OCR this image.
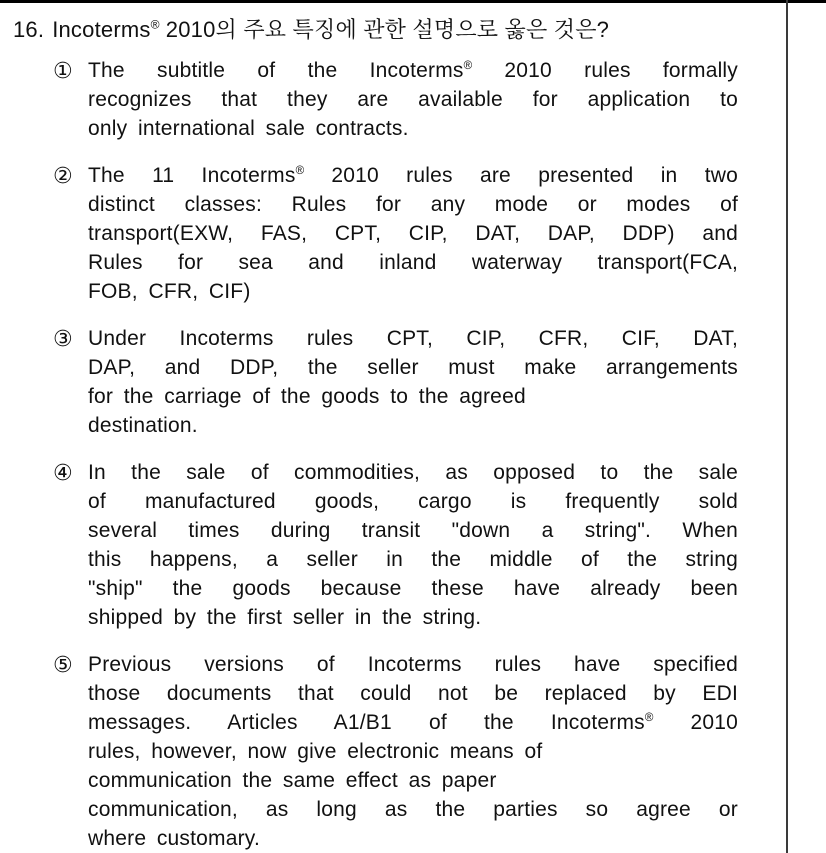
16. Incoterms® 2010의 주요 특징에 관한 설명으로 옳은 것은?
① The subtitle of the Incoterms® 2010 rules formally
recognizes that they are available for application to
only international sale contracts.
② The 11 Incoterms® 2010 rules are presented in two
distinct classes: Rules for any mode or modes of
transport(EXW, FAS, CPT, CIP, DAT, DAP, DDP) and
Rules for sea and inland waterway transport(FCA,
FOB, CFR, CIF)
③ Under Incoterms rules CPT, CIP, CFR, CIF, DAT,
DAP, and DDP, the seller must make arrangements
for the carriage of the goods to the agreed
destination.
④ In the sale of commodities, as opposed to the sale
of manufactured goods, cargo is frequently sold
several times during transit "down a string". When
this happens, a seller in the middle of the string
"ship" the goods because these have already been
shipped by the first seller in the string.
⑤ Previous versions of Incoterms rules have specified
those documents that could not be replaced by EDI
messages. Articles A1/B1 of the Incoterms® 2010
rules, however, now give electronic means of
communication the same effect as paper
communication, as long as the parties so agree or
where customary.
